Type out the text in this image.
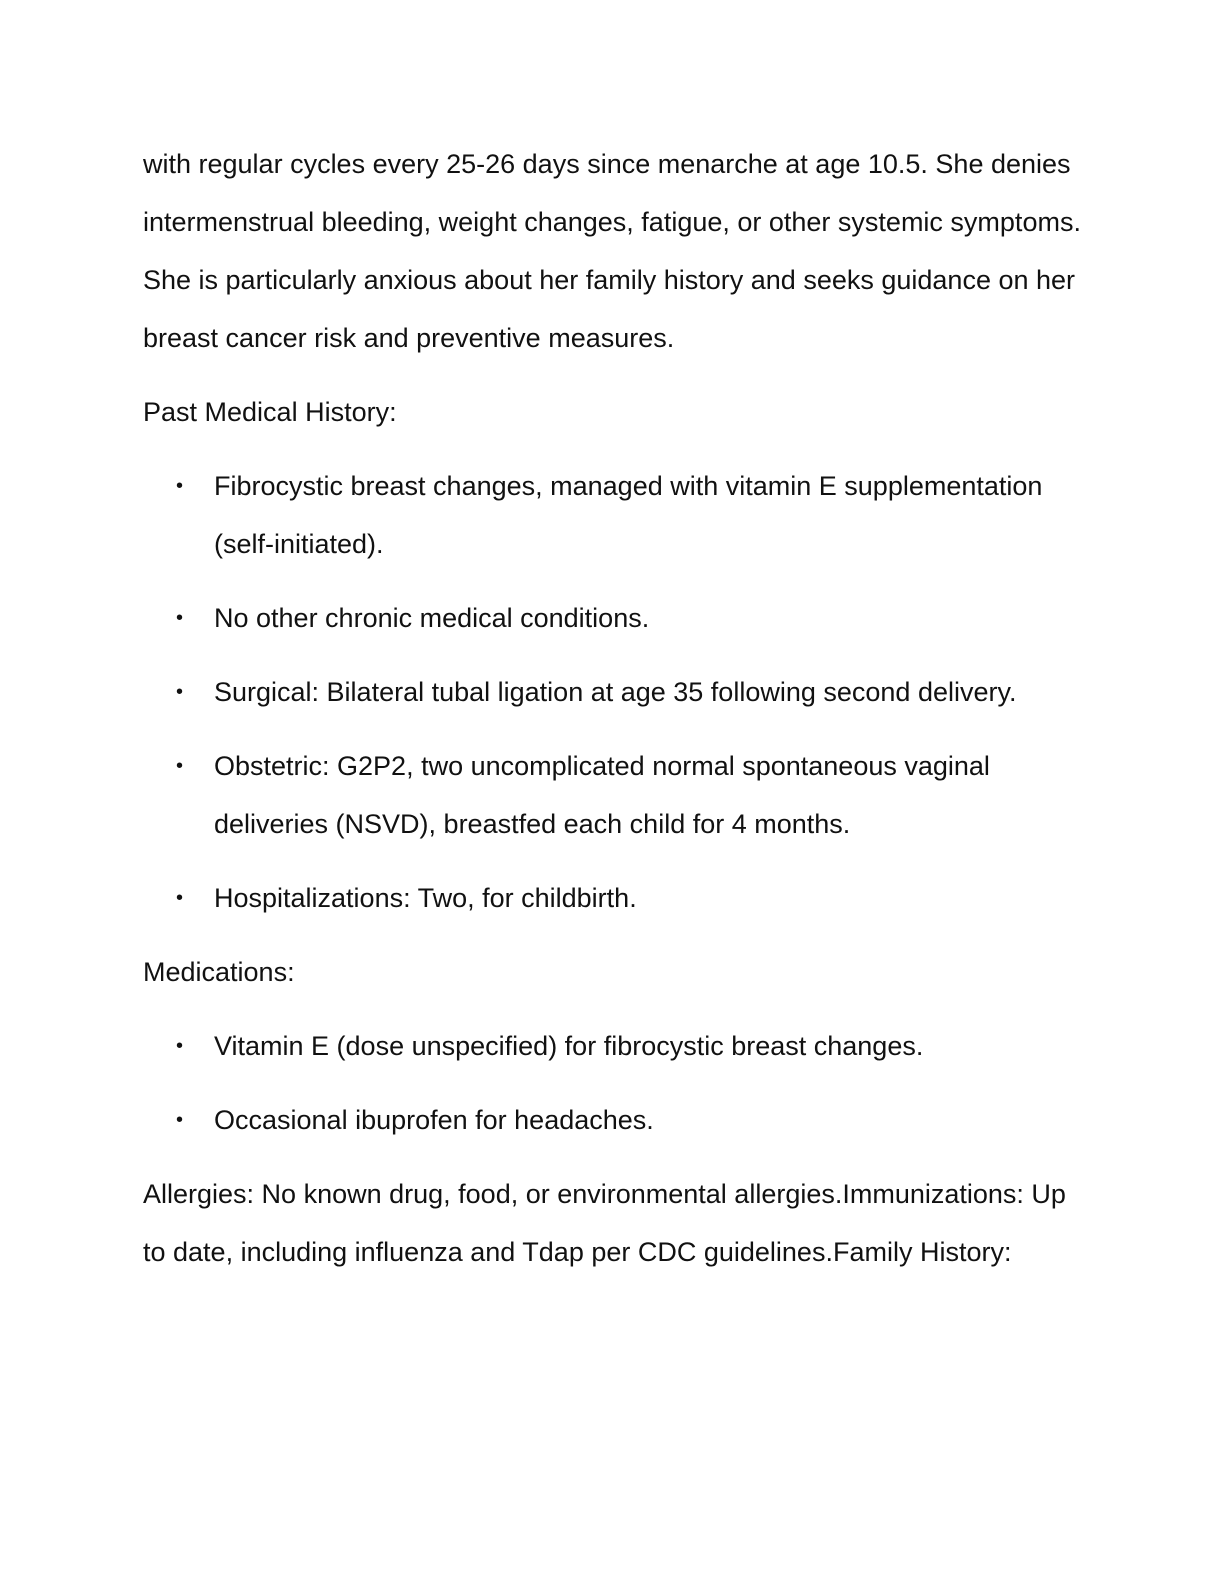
with regular cycles every 25-26 days since menarche at age 10.5. She denies intermenstrual bleeding, weight changes, fatigue, or other systemic symptoms. She is particularly anxious about her family history and seeks guidance on her breast cancer risk and preventive measures.

Past Medical History:

• Fibrocystic breast changes, managed with vitamin E supplementation (self-initiated).
• No other chronic medical conditions.
• Surgical: Bilateral tubal ligation at age 35 following second delivery.
• Obstetric: G2P2, two uncomplicated normal spontaneous vaginal deliveries (NSVD), breastfed each child for 4 months.
• Hospitalizations: Two, for childbirth.

Medications:

• Vitamin E (dose unspecified) for fibrocystic breast changes.
• Occasional ibuprofen for headaches.

Allergies: No known drug, food, or environmental allergies.Immunizations: Up to date, including influenza and Tdap per CDC guidelines.Family History:
